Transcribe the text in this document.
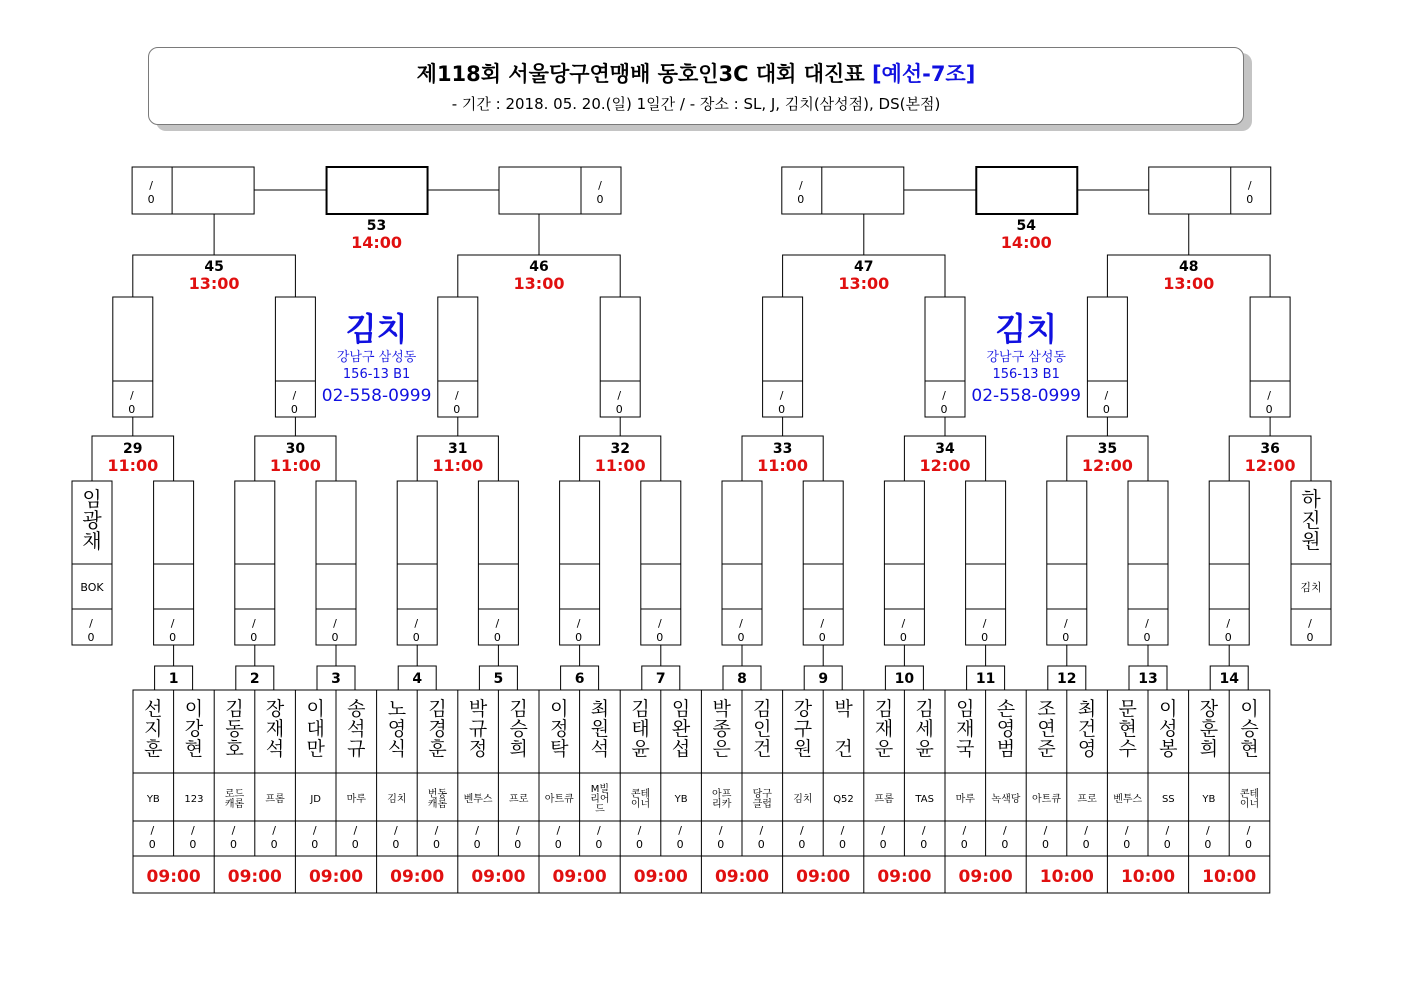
제118회 서울당구연맹배 동호인3C 대회 대진표 [예선-7조]
- 기간 : 2018. 05. 20.(일) 1일간 / - 장소 : SL, J, 김치(삼성점), DS(본점)
1
선
지
훈
YB
/
0
이
강
현
123
/
0
09:00
2
김
동
호
로드
캐롬
/
0
장
재
석
프롬
/
0
09:00
3
이
대
만
JD
/
0
송
석
규
마루
/
0
09:00
4
노
영
식
김치
/
0
김
경
훈
번동
캐롬
/
0
09:00
5
박
규
정
벤투스
/
0
김
승
희
프로
/
0
09:00
6
이
정
탁
아트큐
/
0
최
원
석
M빌
리어
드
/
0
09:00
7
김
태
윤
콘테
이너
/
0
임
완
섭
YB
/
0
09:00
8
박
종
은
아프
리카
/
0
김
인
건
당구
클럽
/
0
09:00
9
강
구
원
김치
/
0
박
건
Q52
/
0
09:00
10
김
재
운
프롬
/
0
김
세
윤
TAS
/
0
09:00
11
임
재
국
마루
/
0
손
영
범
녹색당
/
0
09:00
12
조
연
준
아트큐
/
0
최
건
영
프로
/
0
10:00
13
문
현
수
벤투스
/
0
이
성
봉
SS
/
0
10:00
14
장
훈
희
YB
/
0
이
승
현
콘테
이너
/
0
10:00
/
0
/
0
/
0
/
0
/
0
/
0
/
0
/
0
/
0
/
0
/
0
/
0
/
0
/
0
/
0
/
0
임
광
채
BOK
하
진
원
김치
29
11:00
/
0
30
11:00
/
0
31
11:00
/
0
32
11:00
/
0
33
11:00
/
0
34
12:00
/
0
35
12:00
/
0
36
12:00
/
0
45
13:00
46
13:00
47
13:00
48
13:00
/
0
/
0
53
14:00
김치
강남구 삼성동
156-13 B1
02-558-0999
/
0
/
0
54
14:00
김치
강남구 삼성동
156-13 B1
02-558-0999
